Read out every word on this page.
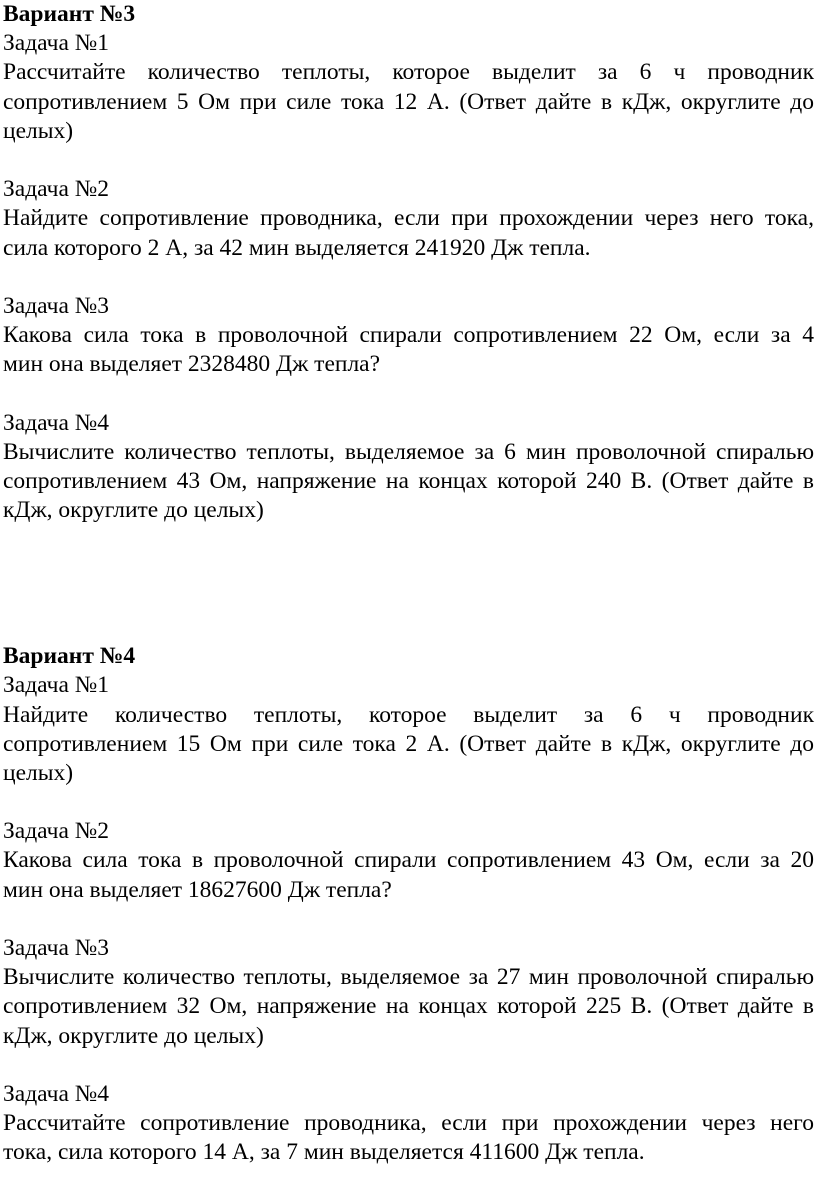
Вариант №3
Задача №1
Рассчитайте количество теплоты, которое выделит за 6 ч проводник
сопротивлением 5 Ом при силе тока 12 А. (Ответ дайте в кДж, округлите до
целых)
Задача №2
Найдите сопротивление проводника, если при прохождении через него тока,
сила которого 2 А, за 42 мин выделяется 241920 Дж тепла.
Задача №3
Какова сила тока в проволочной спирали сопротивлением 22 Ом, если за 4
мин она выделяет 2328480 Дж тепла?
Задача №4
Вычислите количество теплоты, выделяемое за 6 мин проволочной спиралью
сопротивлением 43 Ом, напряжение на концах которой 240 В. (Ответ дайте в
кДж, округлите до целых)
Вариант №4
Задача №1
Найдите количество теплоты, которое выделит за 6 ч проводник
сопротивлением 15 Ом при силе тока 2 А. (Ответ дайте в кДж, округлите до
целых)
Задача №2
Какова сила тока в проволочной спирали сопротивлением 43 Ом, если за 20
мин она выделяет 18627600 Дж тепла?
Задача №3
Вычислите количество теплоты, выделяемое за 27 мин проволочной спиралью
сопротивлением 32 Ом, напряжение на концах которой 225 В. (Ответ дайте в
кДж, округлите до целых)
Задача №4
Рассчитайте сопротивление проводника, если при прохождении через него
тока, сила которого 14 А, за 7 мин выделяется 411600 Дж тепла.
